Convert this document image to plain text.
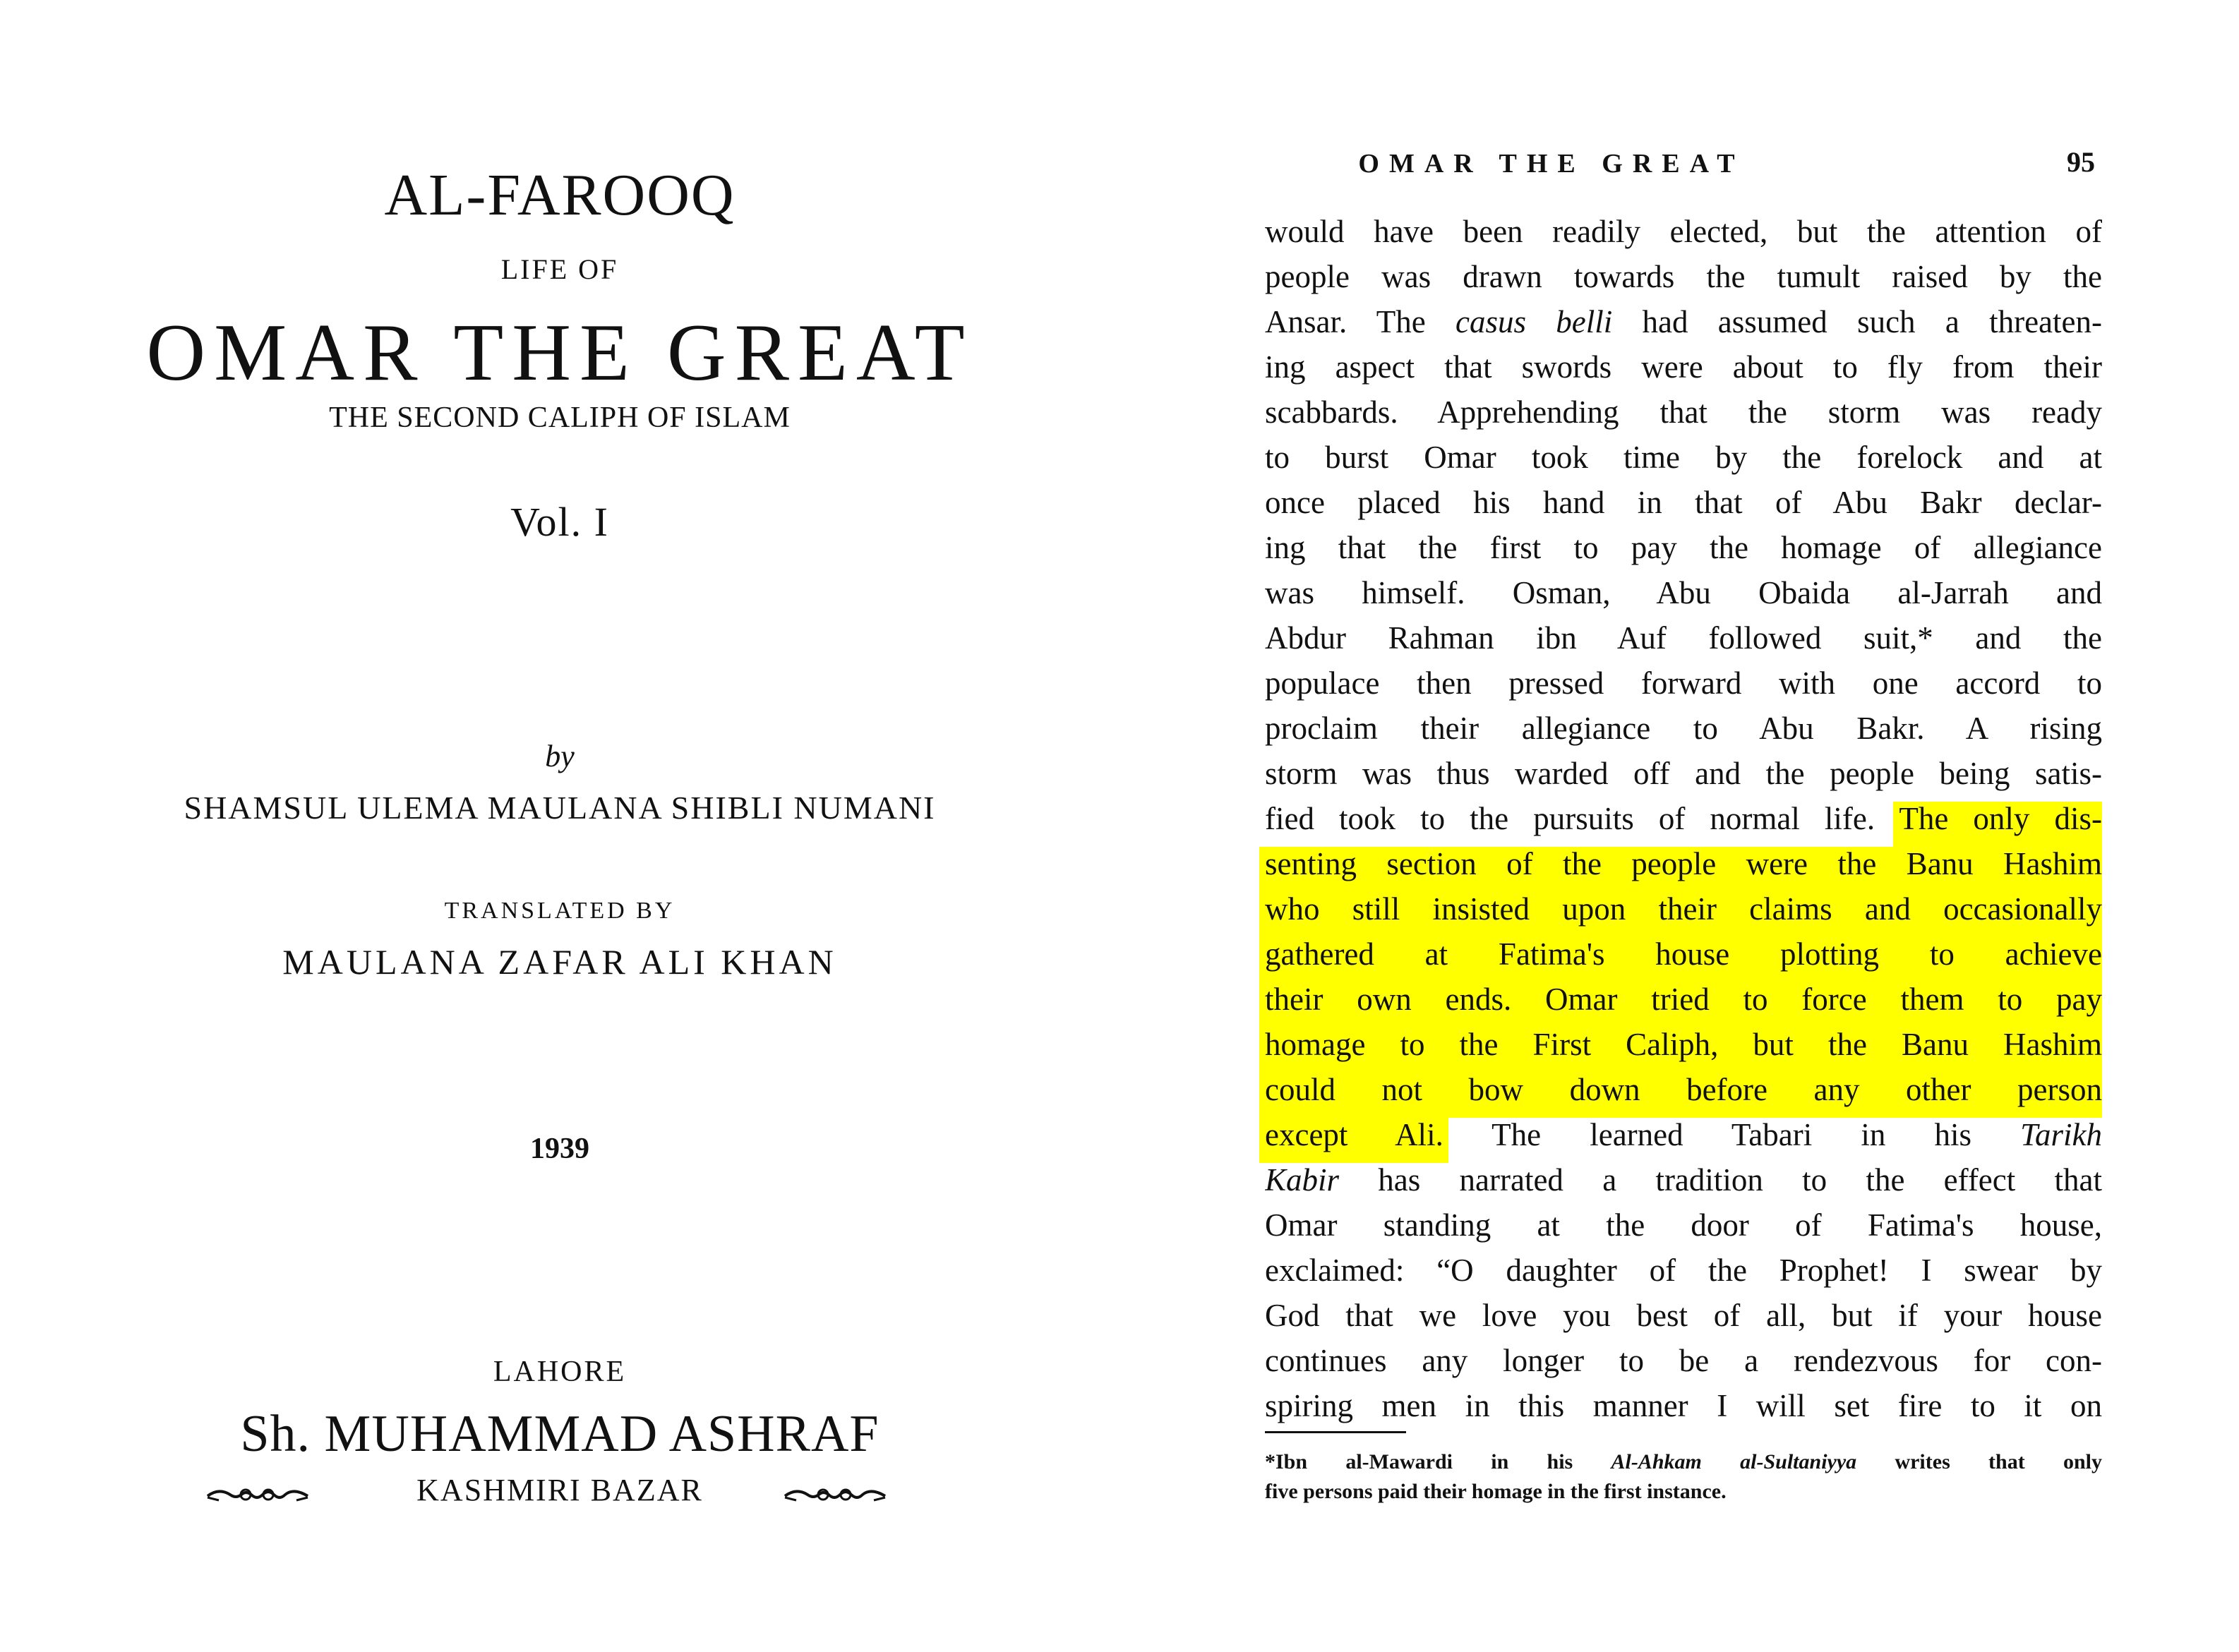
AL-FAROOQ
LIFE OF
OMAR THE GREAT
THE SECOND CALIPH OF ISLAM
Vol. I
by
SHAMSUL ULEMA MAULANA SHIBLI NUMANI
TRANSLATED BY
MAULANA ZAFAR ALI KHAN
1939
LAHORE
Sh. MUHAMMAD ASHRAF
KASHMIRI BAZAR
OMAR THE GREAT	95
would have been readily elected, but the attention of
people was drawn towards the tumult raised by the
Ansar. The casus belli had assumed such a threaten-
ing aspect that swords were about to fly from their
scabbards. Apprehending that the storm was ready
to burst Omar took time by the forelock and at
once placed his hand in that of Abu Bakr declar-
ing that the first to pay the homage of allegiance
was himself. Osman, Abu Obaida al-Jarrah and
Abdur Rahman ibn Auf followed suit,* and the
populace then pressed forward with one accord to
proclaim their allegiance to Abu Bakr. A rising
storm was thus warded off and the people being satis-
fied took to the pursuits of normal life. The only dis-
senting section of the people were the Banu Hashim
who still insisted upon their claims and occasionally
gathered at Fatima's house plotting to achieve
their own ends. Omar tried to force them to pay
homage to the First Caliph, but the Banu Hashim
could not bow down before any other person
except Ali. The learned Tabari in his Tarikh
Kabir has narrated a tradition to the effect that
Omar standing at the door of Fatima's house,
exclaimed: “O daughter of the Prophet! I swear by
God that we love you best of all, but if your house
continues any longer to be a rendezvous for con-
spiring men in this manner I will set fire to it on
*Ibn al-Mawardi in his Al-Ahkam al-Sultaniyya writes that only
five persons paid their homage in the first instance.
